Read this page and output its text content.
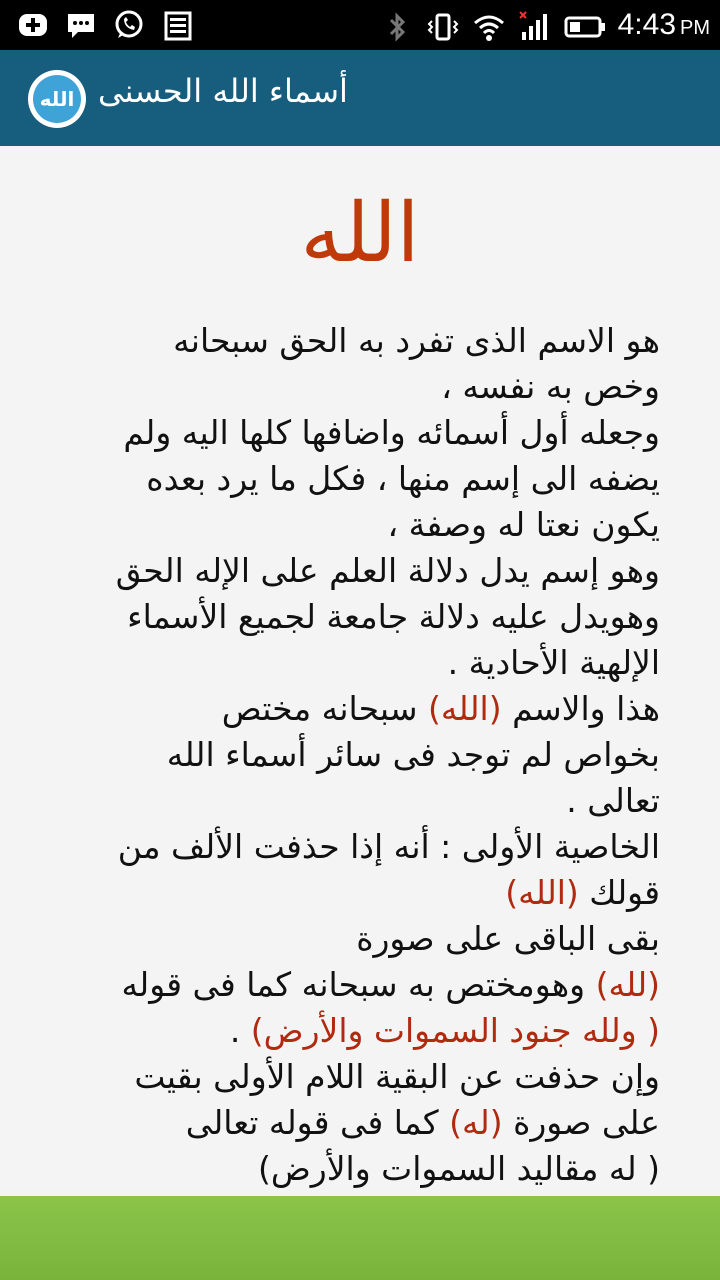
4:43 PM
الله أسماء الله الحسنى
الله

هو الاسم الذى تفرد به الحق سبحانه

وخص به نفسه ،

وجعله أول أسمائه واضافها كلها اليه ولم

يضفه الى إسم منها ، فكل ما يرد بعده

يكون نعتا له وصفة ،

وهو إسم يدل دلالة العلم على الإله الحق

وهويدل عليه دلالة جامعة لجميع الأسماء

الإلهية الأحادية .

هذا والاسم (الله) سبحانه مختص

بخواص لم توجد فى سائر أسماء الله

تعالى .

الخاصية الأولى : أنه إذا حذفت الألف من

قولك (الله)

بقى الباقى على صورة

(لله) وهومختص به سبحانه كما فى قوله

( ولله جنود السموات والأرض) .

وإن حذفت عن البقية اللام الأولى بقيت

على صورة (له) كما فى قوله تعالى

( له مقاليد السموات والأرض)
